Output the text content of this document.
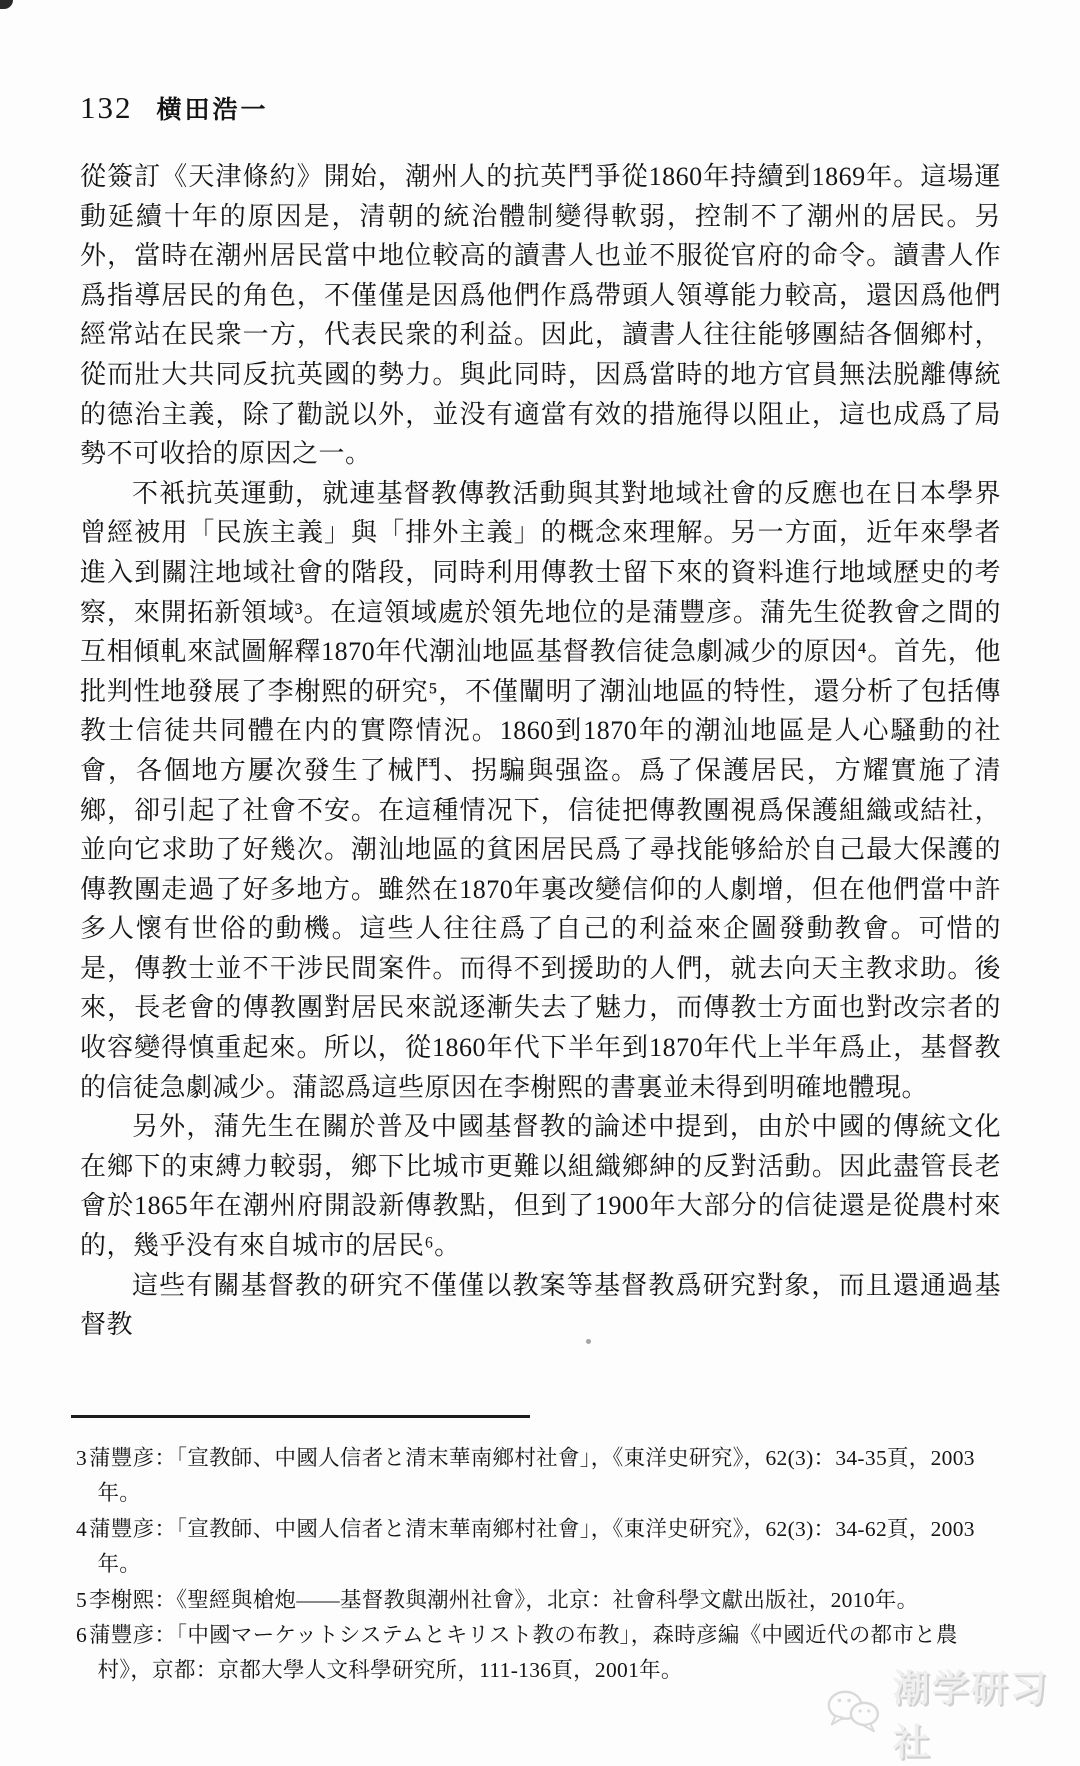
132 横田浩一

從簽訂《天津條約》開始，潮州人的抗英鬥爭從1860年持續到1869年。這場運動延續十年的原因是，清朝的統治體制變得軟弱，控制不了潮州的居民。另外，當時在潮州居民當中地位較高的讀書人也並不服從官府的命令。讀書人作爲指導居民的角色，不僅僅是因爲他們作爲帶頭人領導能力較高，還因爲他們經常站在民衆一方，代表民衆的利益。因此，讀書人往往能够團結各個鄉村，從而壯大共同反抗英國的勢力。與此同時，因爲當時的地方官員無法脱離傳統的德治主義，除了勸説以外，並没有適當有效的措施得以阻止，這也成爲了局勢不可收拾的原因之一。

不衹抗英運動，就連基督教傳教活動與其對地域社會的反應也在日本學界曾經被用「民族主義」與「排外主義」的概念來理解。另一方面，近年來學者進入到關注地域社會的階段，同時利用傳教士留下來的資料進行地域歷史的考察，來開拓新領域³。在這領域處於領先地位的是蒲豐彦。蒲先生從教會之間的互相傾軋來試圖解釋1870年代潮汕地區基督教信徒急劇减少的原因⁴。首先，他批判性地發展了李榭熙的研究⁵，不僅闡明了潮汕地區的特性，還分析了包括傳教士信徒共同體在内的實際情況。1860到1870年的潮汕地區是人心騷動的社會，各個地方屢次發生了械鬥、拐騙與强盗。爲了保護居民，方耀實施了清鄉，卻引起了社會不安。在這種情况下，信徒把傳教團視爲保護組織或結社，並向它求助了好幾次。潮汕地區的貧困居民爲了尋找能够給於自己最大保護的傳教團走過了好多地方。雖然在1870年裏改變信仰的人劇增，但在他們當中許多人懷有世俗的動機。這些人往往爲了自己的利益來企圖發動教會。可惜的是，傳教士並不干涉民間案件。而得不到援助的人們，就去向天主教求助。後來，長老會的傳教團對居民來説逐漸失去了魅力，而傳教士方面也對改宗者的收容變得慎重起來。所以，從1860年代下半年到1870年代上半年爲止，基督教的信徒急劇减少。蒲認爲這些原因在李榭熙的書裏並未得到明確地體現。

另外，蒲先生在關於普及中國基督教的論述中提到，由於中國的傳統文化在鄉下的束縛力較弱，鄉下比城市更難以組織鄉紳的反對活動。因此盡管長老會於1865年在潮州府開設新傳教點，但到了1900年大部分的信徒還是從農村來的，幾乎没有來自城市的居民⁶。

這些有關基督教的研究不僅僅以教案等基督教爲研究對象，而且還通過基督教

3蒲豐彦：「宣教師、中國人信者と清末華南鄉村社會」，《東洋史研究》，62(3)：34-35頁，2003年。
4蒲豐彦：「宣教師、中國人信者と清末華南鄉村社會」，《東洋史研究》，62(3)：34-62頁，2003年。
5李榭熙：《聖經與槍炮——基督教與潮州社會》，北京：社會科學文獻出版社，2010年。
6蒲豐彦：「中國マーケットシステムとキリスト教の布教」，森時彦編《中國近代の都市と農村》，京都：京都大學人文科學研究所，111-136頁，2001年。	潮学研习社
